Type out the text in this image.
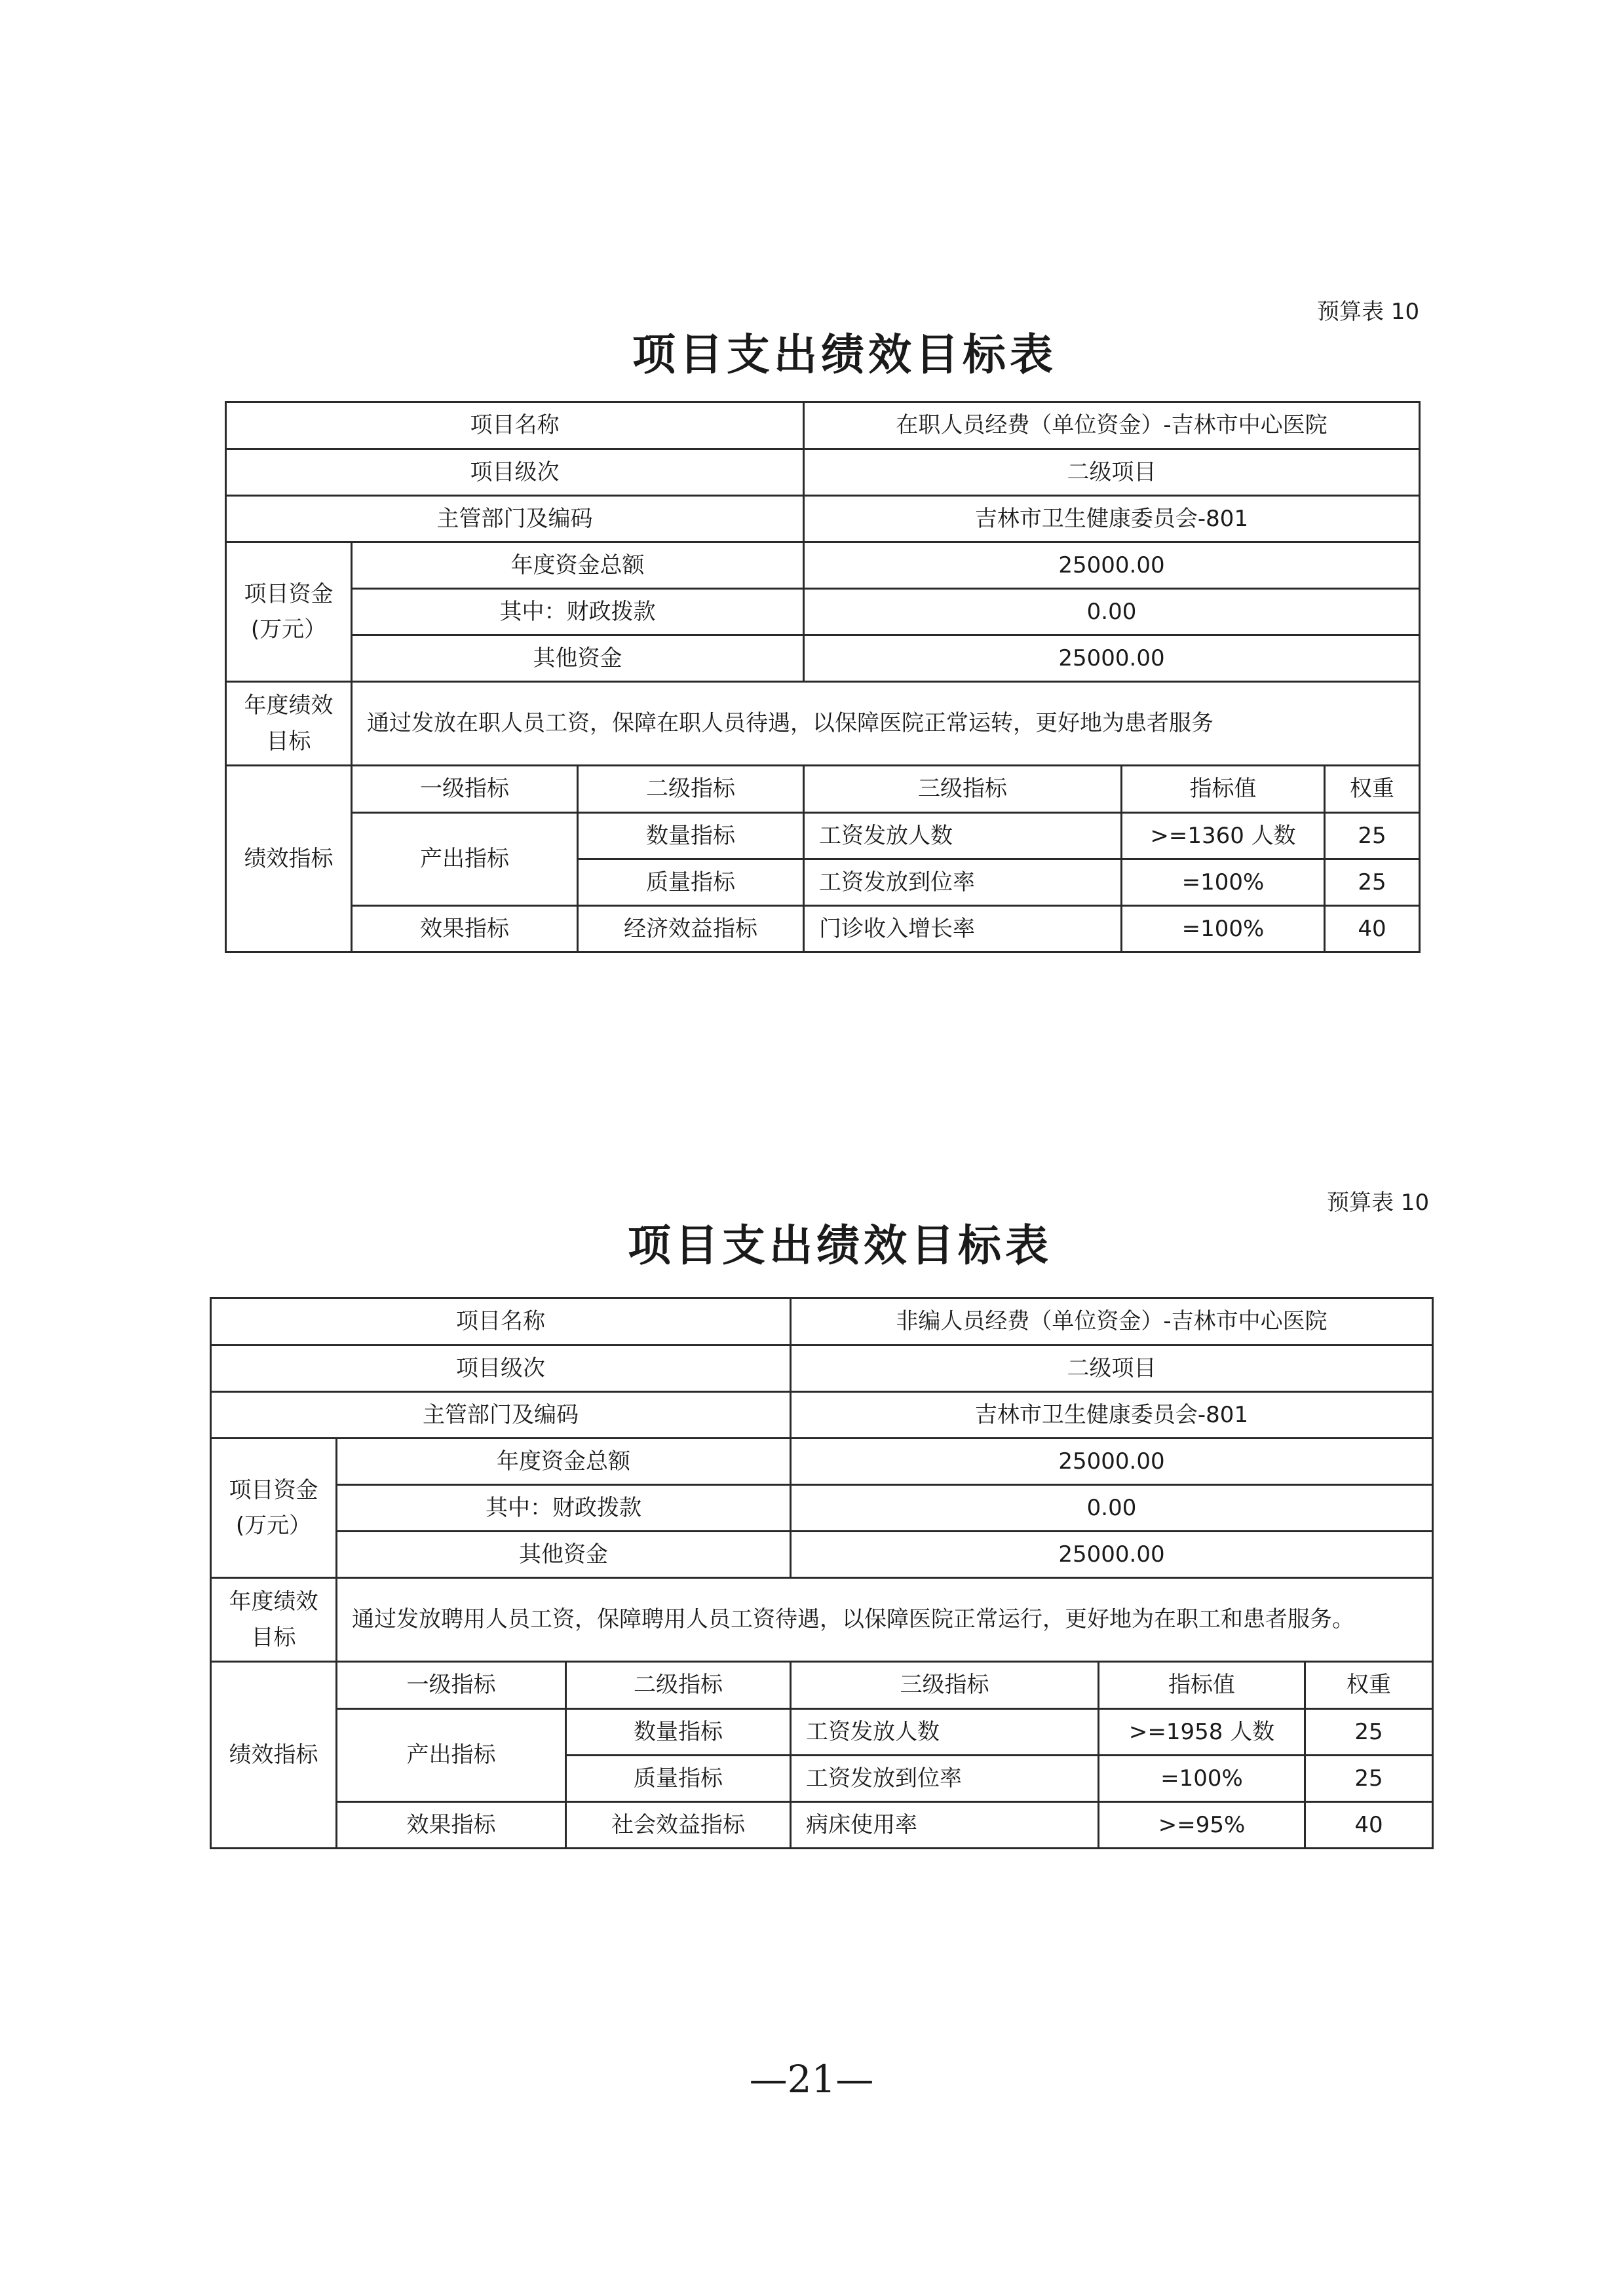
预算表 10
项目支出绩效目标表
项目名称			在职人员经费（单位资金）-吉林市中心医院		
项目级次			二级项目		
主管部门及编码			吉林市卫生健康委员会-801		
项目资金
(万元）	年度资金总额		25000.00		
	其中：财政拨款		0.00		
	其他资金		25000.00		
年度绩效
目标	通过发放在职人员工资，保障在职人员待遇，以保障医院正常运转，更好地为患者服务				
绩效指标	一级指标	二级指标	三级指标	指标值	权重
	产出指标	数量指标	工资发放人数	>=1360 人数	25
		质量指标	工资发放到位率	=100%	25
	效果指标	经济效益指标	门诊收入增长率	=100%	40
预算表 10
项目支出绩效目标表
项目名称			非编人员经费（单位资金）-吉林市中心医院		
项目级次			二级项目		
主管部门及编码			吉林市卫生健康委员会-801		
项目资金
(万元）	年度资金总额		25000.00		
	其中：财政拨款		0.00		
	其他资金		25000.00		
年度绩效
目标	通过发放聘用人员工资，保障聘用人员工资待遇，以保障医院正常运行，更好地为在职工和患者服务。				
绩效指标	一级指标	二级指标	三级指标	指标值	权重
	产出指标	数量指标	工资发放人数	>=1958 人数	25
		质量指标	工资发放到位率	=100%	25
	效果指标	社会效益指标	病床使用率	>=95%	40
—21—
